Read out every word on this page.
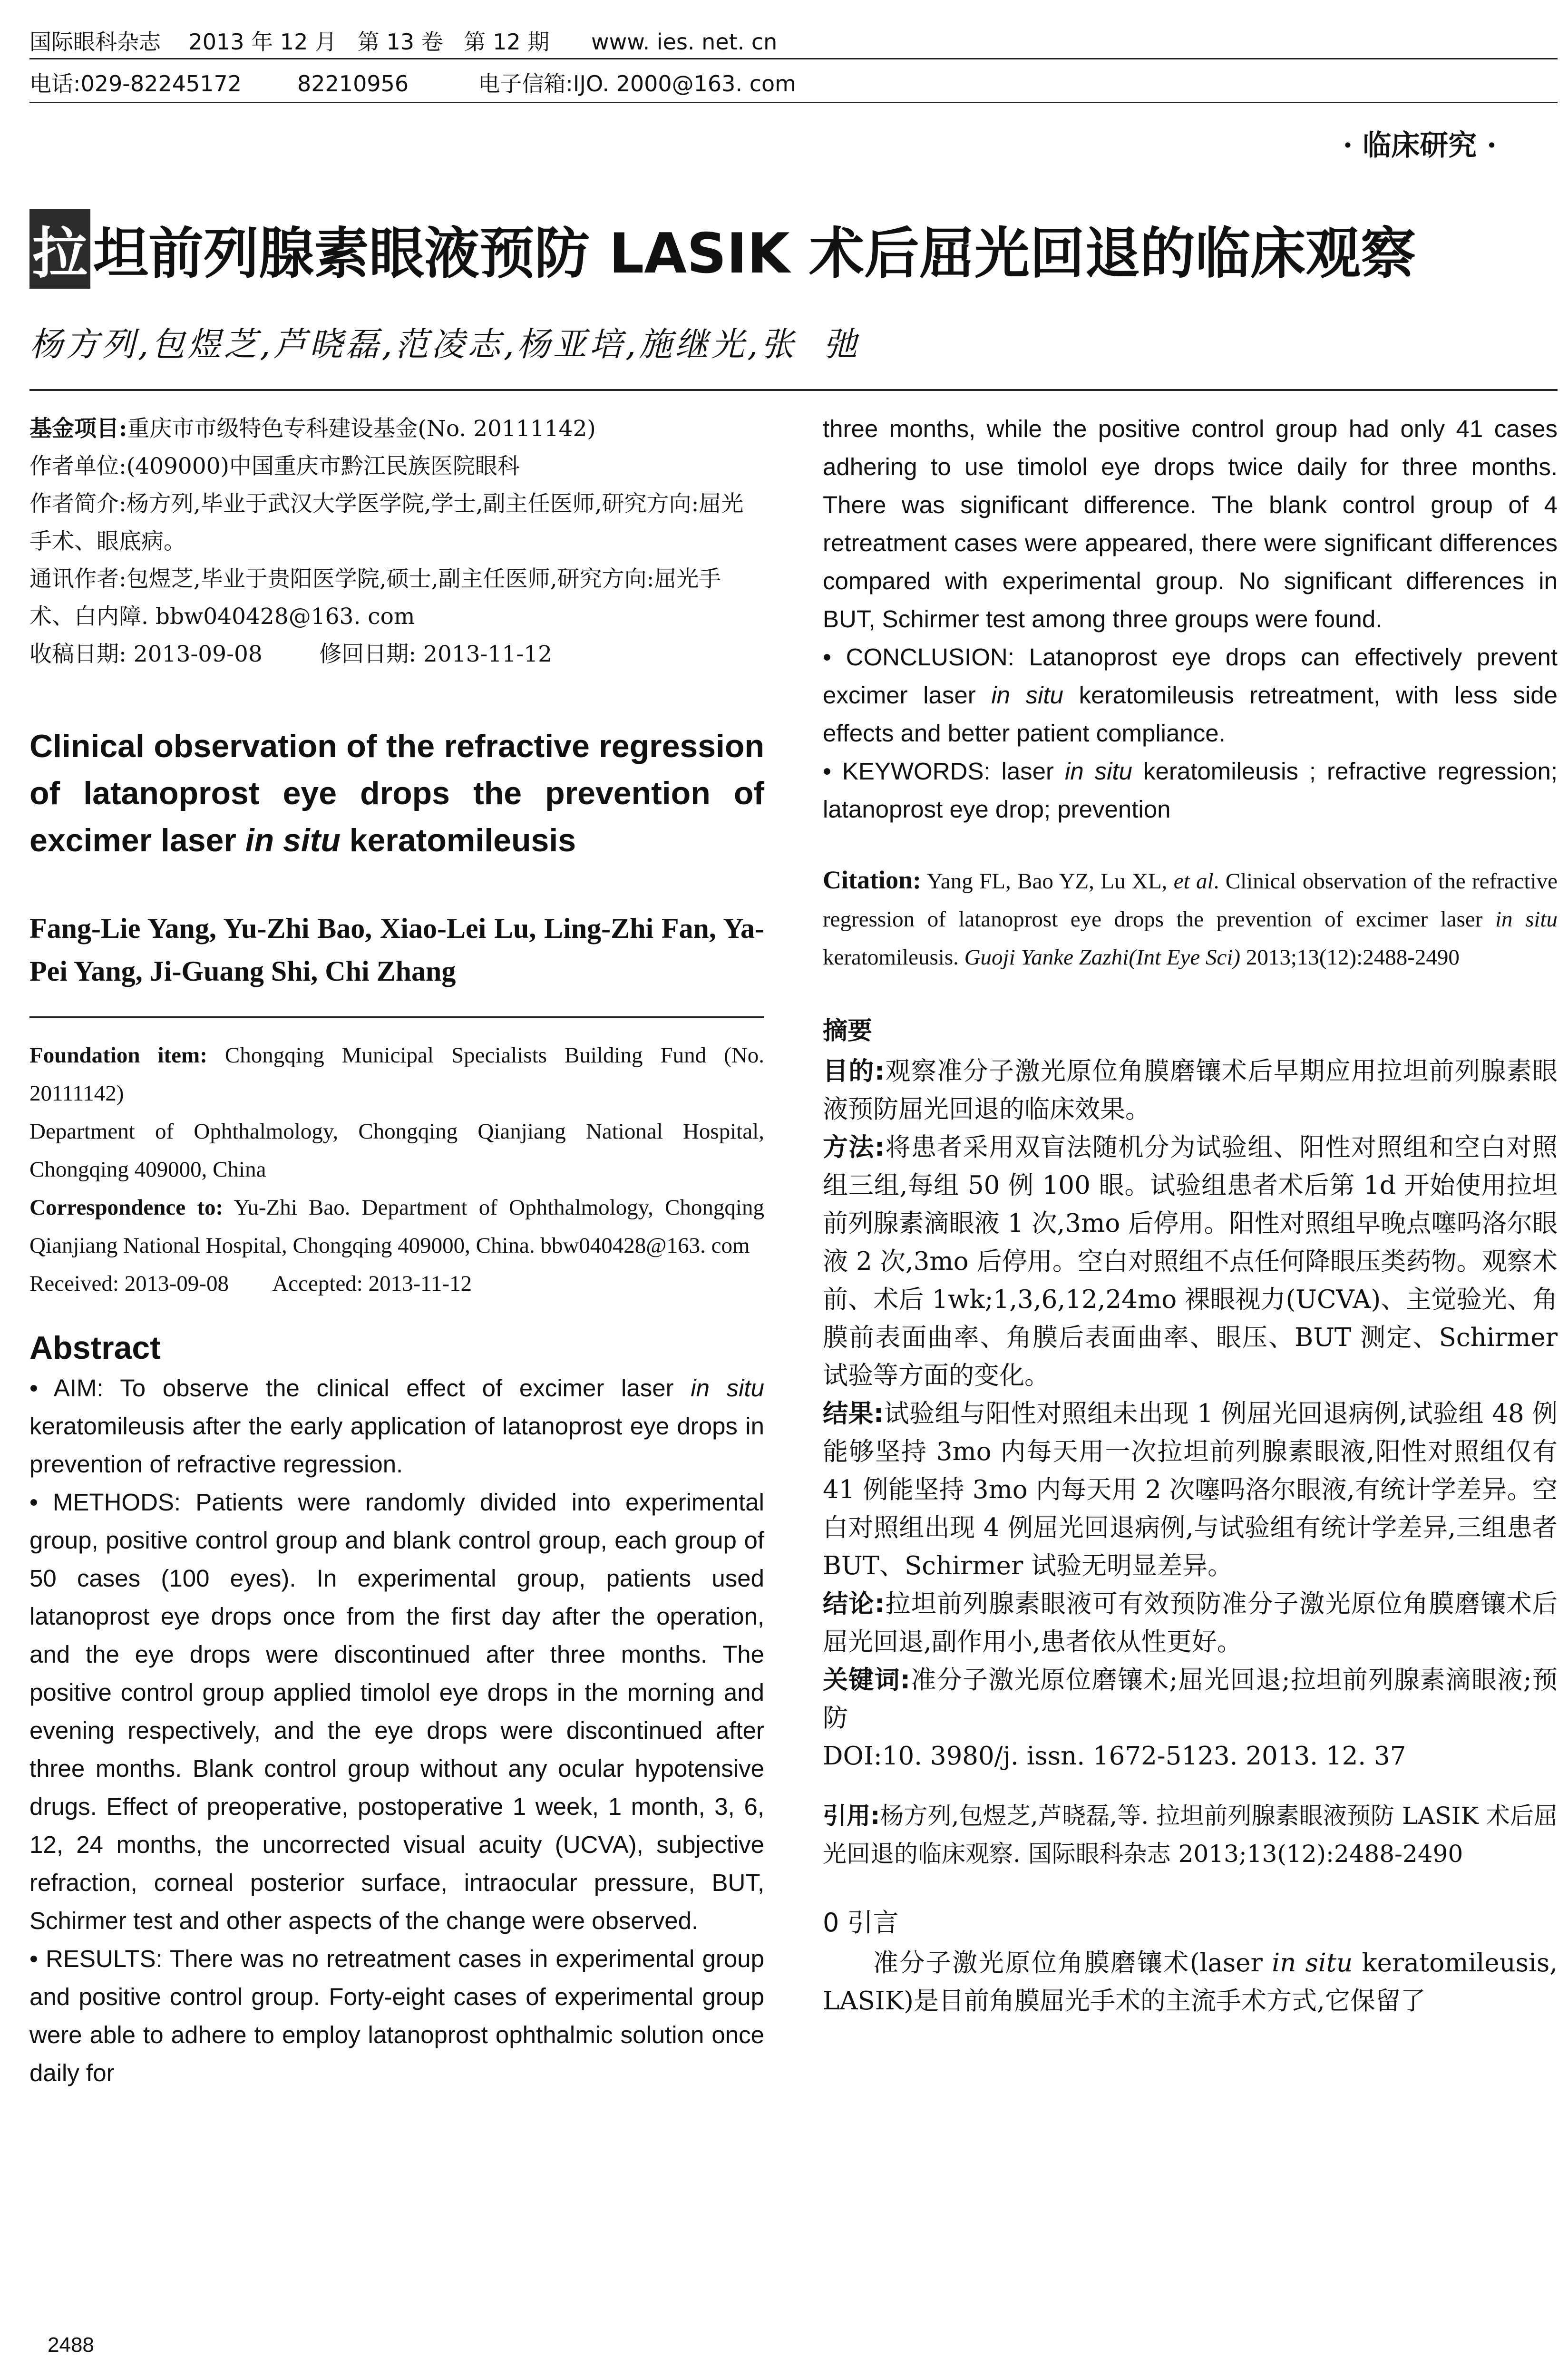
国际眼科杂志    2013 年 12 月   第 13 卷   第 12 期      www. ies. net. cn
电话:029-82245172        82210956          电子信箱:IJO. 2000@163. com
· 临床研究 ·
拉 坦前列腺素眼液预防 LASIK 术后屈光回退的临床观察
杨方列,包煜芝,芦晓磊,范凌志,杨亚培,施继光,张  弛

基金项目:重庆市市级特色专科建设基金(No. 20111142)

作者单位:(409000)中国重庆市黔江民族医院眼科

作者简介:杨方列,毕业于武汉大学医学院,学士,副主任医师,研究方向:屈光手术、眼底病。

通讯作者:包煜芝,毕业于贵阳医学院,硕士,副主任医师,研究方向:屈光手术、白内障. bbw040428@163. com

收稿日期: 2013-09-08        修回日期: 2013-11-12

Clinical observation of the refractive regression of latanoprost eye drops the prevention of excimer laser in situ keratomileusis
Fang-Lie Yang, Yu-Zhi Bao, Xiao-Lei Lu, Ling-Zhi Fan, Ya-Pei Yang, Ji-Guang Shi, Chi Zhang

Foundation item: Chongqing Municipal Specialists Building Fund (No. 20111142)

Department of Ophthalmology, Chongqing Qianjiang National Hospital, Chongqing 409000, China

Correspondence to: Yu-Zhi Bao. Department of Ophthalmology, Chongqing Qianjiang National Hospital, Chongqing 409000, China. bbw040428@163. com

Received: 2013-09-08        Accepted: 2013-11-12

Abstract

• AIM: To observe the clinical effect of excimer laser in situ keratomileusis after the early application of latanoprost eye drops in prevention of refractive regression.

• METHODS: Patients were randomly divided into experimental group, positive control group and blank control group, each group of 50 cases (100 eyes). In experimental group, patients used latanoprost eye drops once from the first day after the operation, and the eye drops were discontinued after three months. The positive control group applied timolol eye drops in the morning and evening respectively, and the eye drops were discontinued after three months. Blank control group without any ocular hypotensive drugs. Effect of preoperative, postoperative 1 week, 1 month, 3, 6, 12, 24 months, the uncorrected visual acuity (UCVA), subjective refraction, corneal posterior surface, intraocular pressure, BUT, Schirmer test and other aspects of the change were observed.

• RESULTS: There was no retreatment cases in experimental group and positive control group. Forty-eight cases of experimental group were able to adhere to employ latanoprost ophthalmic solution once daily for

three months, while the positive control group had only 41 cases adhering to use timolol eye drops twice daily for three months. There was significant difference. The blank control group of 4 retreatment cases were appeared, there were significant differences compared with experimental group. No significant differences in BUT, Schirmer test among three groups were found.

• CONCLUSION: Latanoprost eye drops can effectively prevent excimer laser in situ keratomileusis retreatment, with less side effects and better patient compliance.

• KEYWORDS: laser in situ keratomileusis ; refractive regression; latanoprost eye drop; prevention

Citation: Yang FL, Bao YZ, Lu XL, et al. Clinical observation of the refractive regression of latanoprost eye drops the prevention of excimer laser in situ keratomileusis. Guoji Yanke Zazhi(Int Eye Sci) 2013;13(12):2488-2490
摘要

目的:观察准分子激光原位角膜磨镶术后早期应用拉坦前列腺素眼液预防屈光回退的临床效果。

方法:将患者采用双盲法随机分为试验组、阳性对照组和空白对照组三组,每组 50 例 100 眼。试验组患者术后第 1d 开始使用拉坦前列腺素滴眼液 1 次,3mo 后停用。阳性对照组早晚点噻吗洛尔眼液 2 次,3mo 后停用。空白对照组不点任何降眼压类药物。观察术前、术后 1wk;1,3,6,12,24mo 裸眼视力(UCVA)、主觉验光、角膜前表面曲率、角膜后表面曲率、眼压、BUT 测定、Schirmer 试验等方面的变化。

结果:试验组与阳性对照组未出现 1 例屈光回退病例,试验组 48 例能够坚持 3mo 内每天用一次拉坦前列腺素眼液,阳性对照组仅有 41 例能坚持 3mo 内每天用 2 次噻吗洛尔眼液,有统计学差异。空白对照组出现 4 例屈光回退病例,与试验组有统计学差异,三组患者 BUT、Schirmer 试验无明显差异。

结论:拉坦前列腺素眼液可有效预防准分子激光原位角膜磨镶术后屈光回退,副作用小,患者依从性更好。

关键词:准分子激光原位磨镶术;屈光回退;拉坦前列腺素滴眼液;预防

DOI:10. 3980/j. issn. 1672-5123. 2013. 12. 37

引用:杨方列,包煜芝,芦晓磊,等. 拉坦前列腺素眼液预防 LASIK 术后屈光回退的临床观察. 国际眼科杂志 2013;13(12):2488-2490
0 引言

准分子激光原位角膜磨镶术(laser in situ keratomileusis, LASIK)是目前角膜屈光手术的主流手术方式,它保留了

2488
